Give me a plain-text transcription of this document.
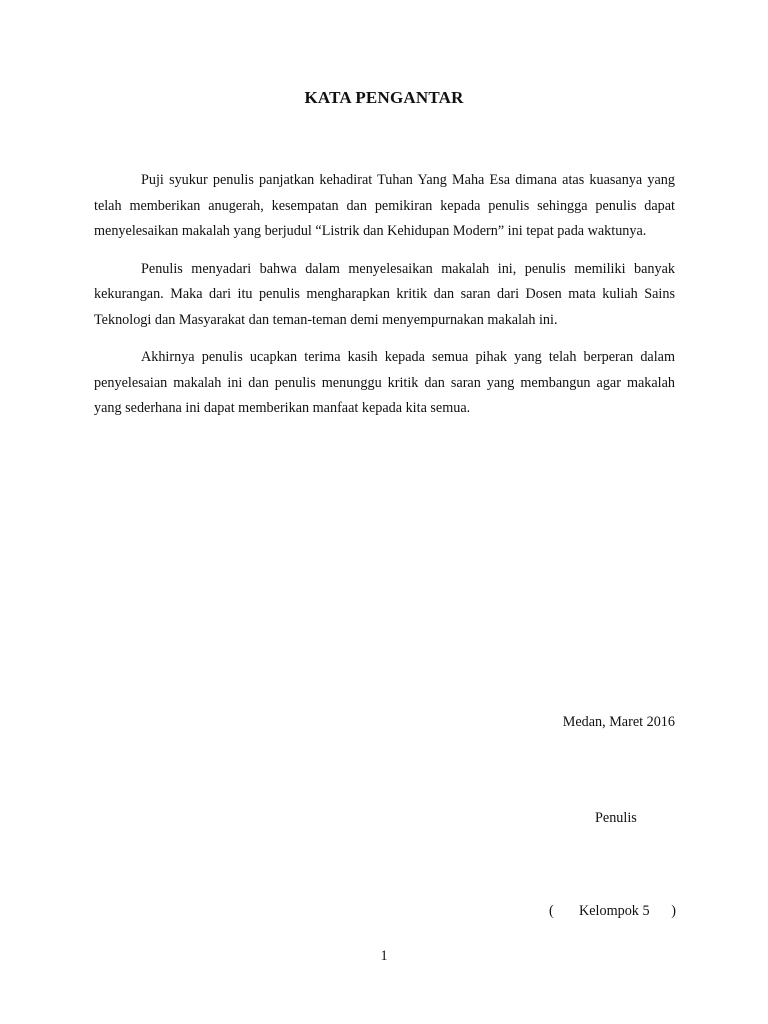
KATA PENGANTAR

Puji syukur penulis panjatkan kehadirat Tuhan Yang Maha Esa dimana atas kuasanya yang telah memberikan anugerah, kesempatan dan pemikiran kepada penulis sehingga penulis dapat menyelesaikan makalah yang berjudul “Listrik dan Kehidupan Modern” ini tepat pada waktunya.

Penulis menyadari bahwa dalam menyelesaikan makalah ini, penulis memiliki banyak kekurangan. Maka dari itu penulis mengharapkan kritik dan saran dari Dosen mata kuliah Sains Teknologi dan Masyarakat dan teman-teman demi menyempurnakan makalah ini.

Akhirnya penulis ucapkan terima kasih kepada semua pihak yang telah berperan dalam penyelesaian makalah ini dan penulis menunggu kritik dan saran yang membangun agar makalah yang sederhana ini dapat memberikan manfaat kepada kita semua.

Medan, Maret 2016
Penulis
( Kelompok 5 )
1
